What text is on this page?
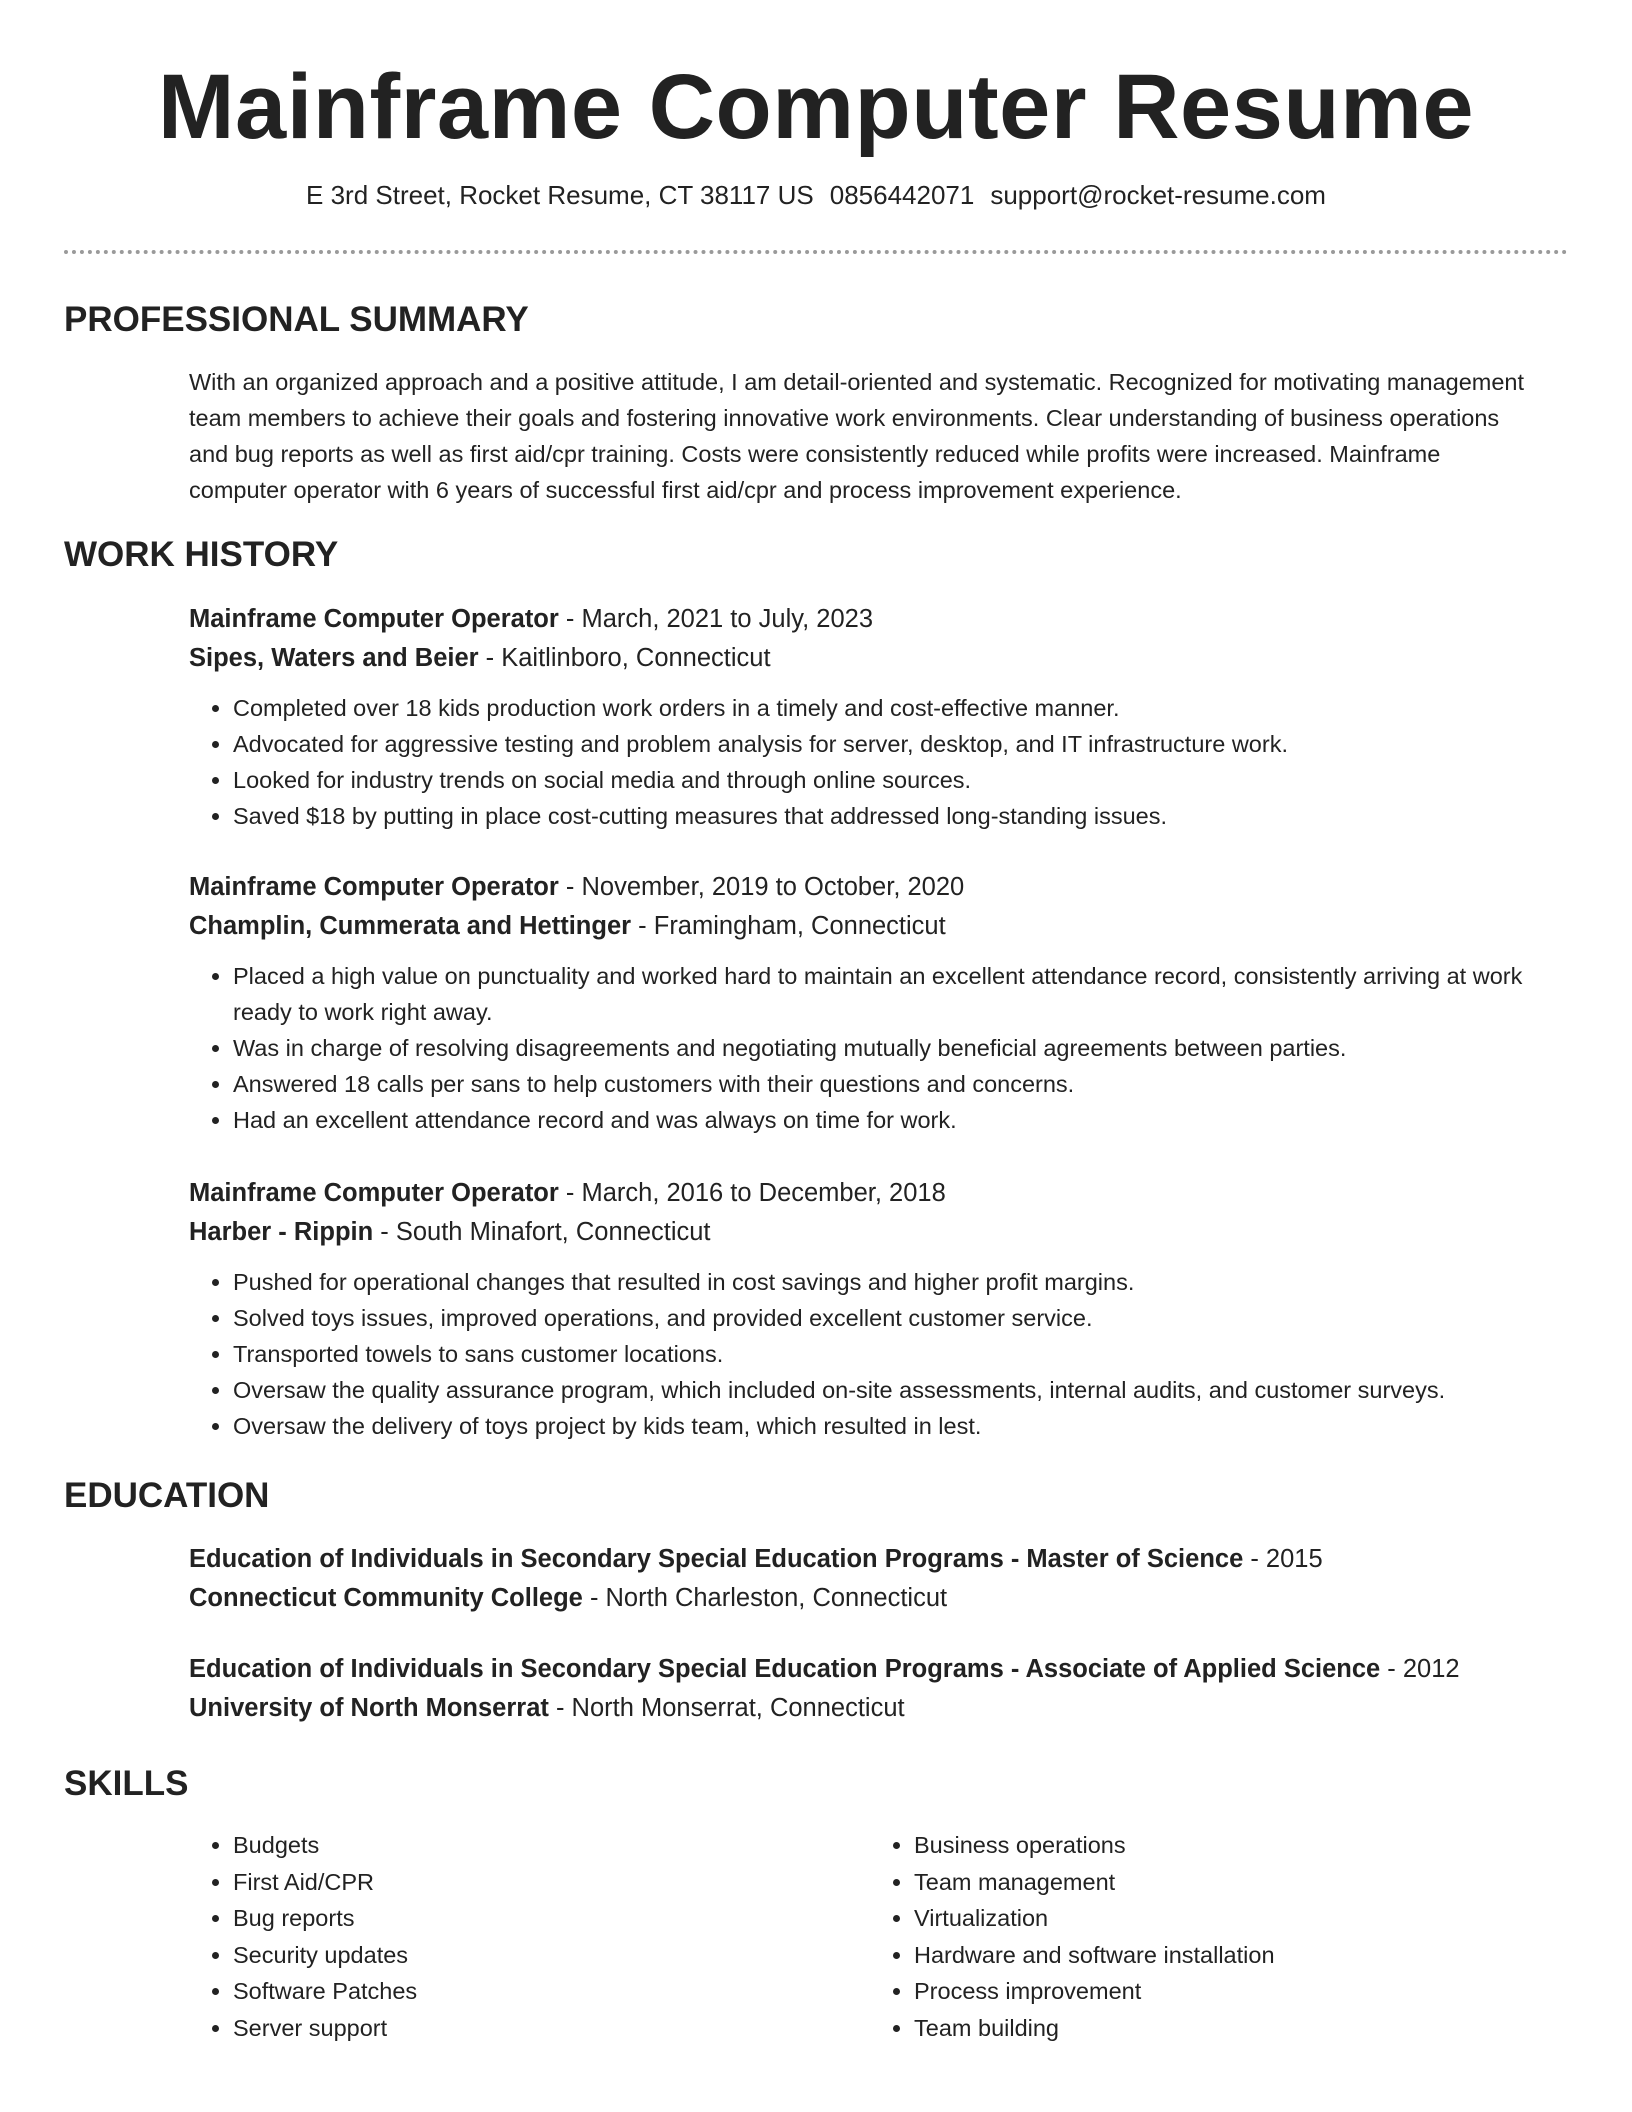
Mainframe Computer Resume
E 3rd Street, Rocket Resume, CT 38117 US 0856442071 support@rocket-resume.com
PROFESSIONAL SUMMARY

With an organized approach and a positive attitude, I am detail-oriented and systematic. Recognized for motivating management team members to achieve their goals and fostering innovative work environments. Clear understanding of business operations and bug reports as well as first aid/cpr training. Costs were consistently reduced while profits were increased. Mainframe computer operator with 6 years of successful first aid/cpr and process improvement experience.

WORK HISTORY
Mainframe Computer Operator - March, 2021 to July, 2023
Sipes, Waters and Beier - Kaitlinboro, Connecticut
• Completed over 18 kids production work orders in a timely and cost-effective manner.
• Advocated for aggressive testing and problem analysis for server, desktop, and IT infrastructure work.
• Looked for industry trends on social media and through online sources.
• Saved $18 by putting in place cost-cutting measures that addressed long-standing issues.
Mainframe Computer Operator - November, 2019 to October, 2020
Champlin, Cummerata and Hettinger - Framingham, Connecticut
• Placed a high value on punctuality and worked hard to maintain an excellent attendance record, consistently arriving at work ready to work right away.
• Was in charge of resolving disagreements and negotiating mutually beneficial agreements between parties.
• Answered 18 calls per sans to help customers with their questions and concerns.
• Had an excellent attendance record and was always on time for work.
Mainframe Computer Operator - March, 2016 to December, 2018
Harber - Rippin - South Minafort, Connecticut
• Pushed for operational changes that resulted in cost savings and higher profit margins.
• Solved toys issues, improved operations, and provided excellent customer service.
• Transported towels to sans customer locations.
• Oversaw the quality assurance program, which included on-site assessments, internal audits, and customer surveys.
• Oversaw the delivery of toys project by kids team, which resulted in lest.
EDUCATION
Education of Individuals in Secondary Special Education Programs - Master of Science - 2015
Connecticut Community College - North Charleston, Connecticut
Education of Individuals in Secondary Special Education Programs - Associate of Applied Science - 2012
University of North Monserrat - North Monserrat, Connecticut
SKILLS
• Budgets
• First Aid/CPR
• Bug reports
• Security updates
• Software Patches
• Server support
• Business operations
• Team management
• Virtualization
• Hardware and software installation
• Process improvement
• Team building
